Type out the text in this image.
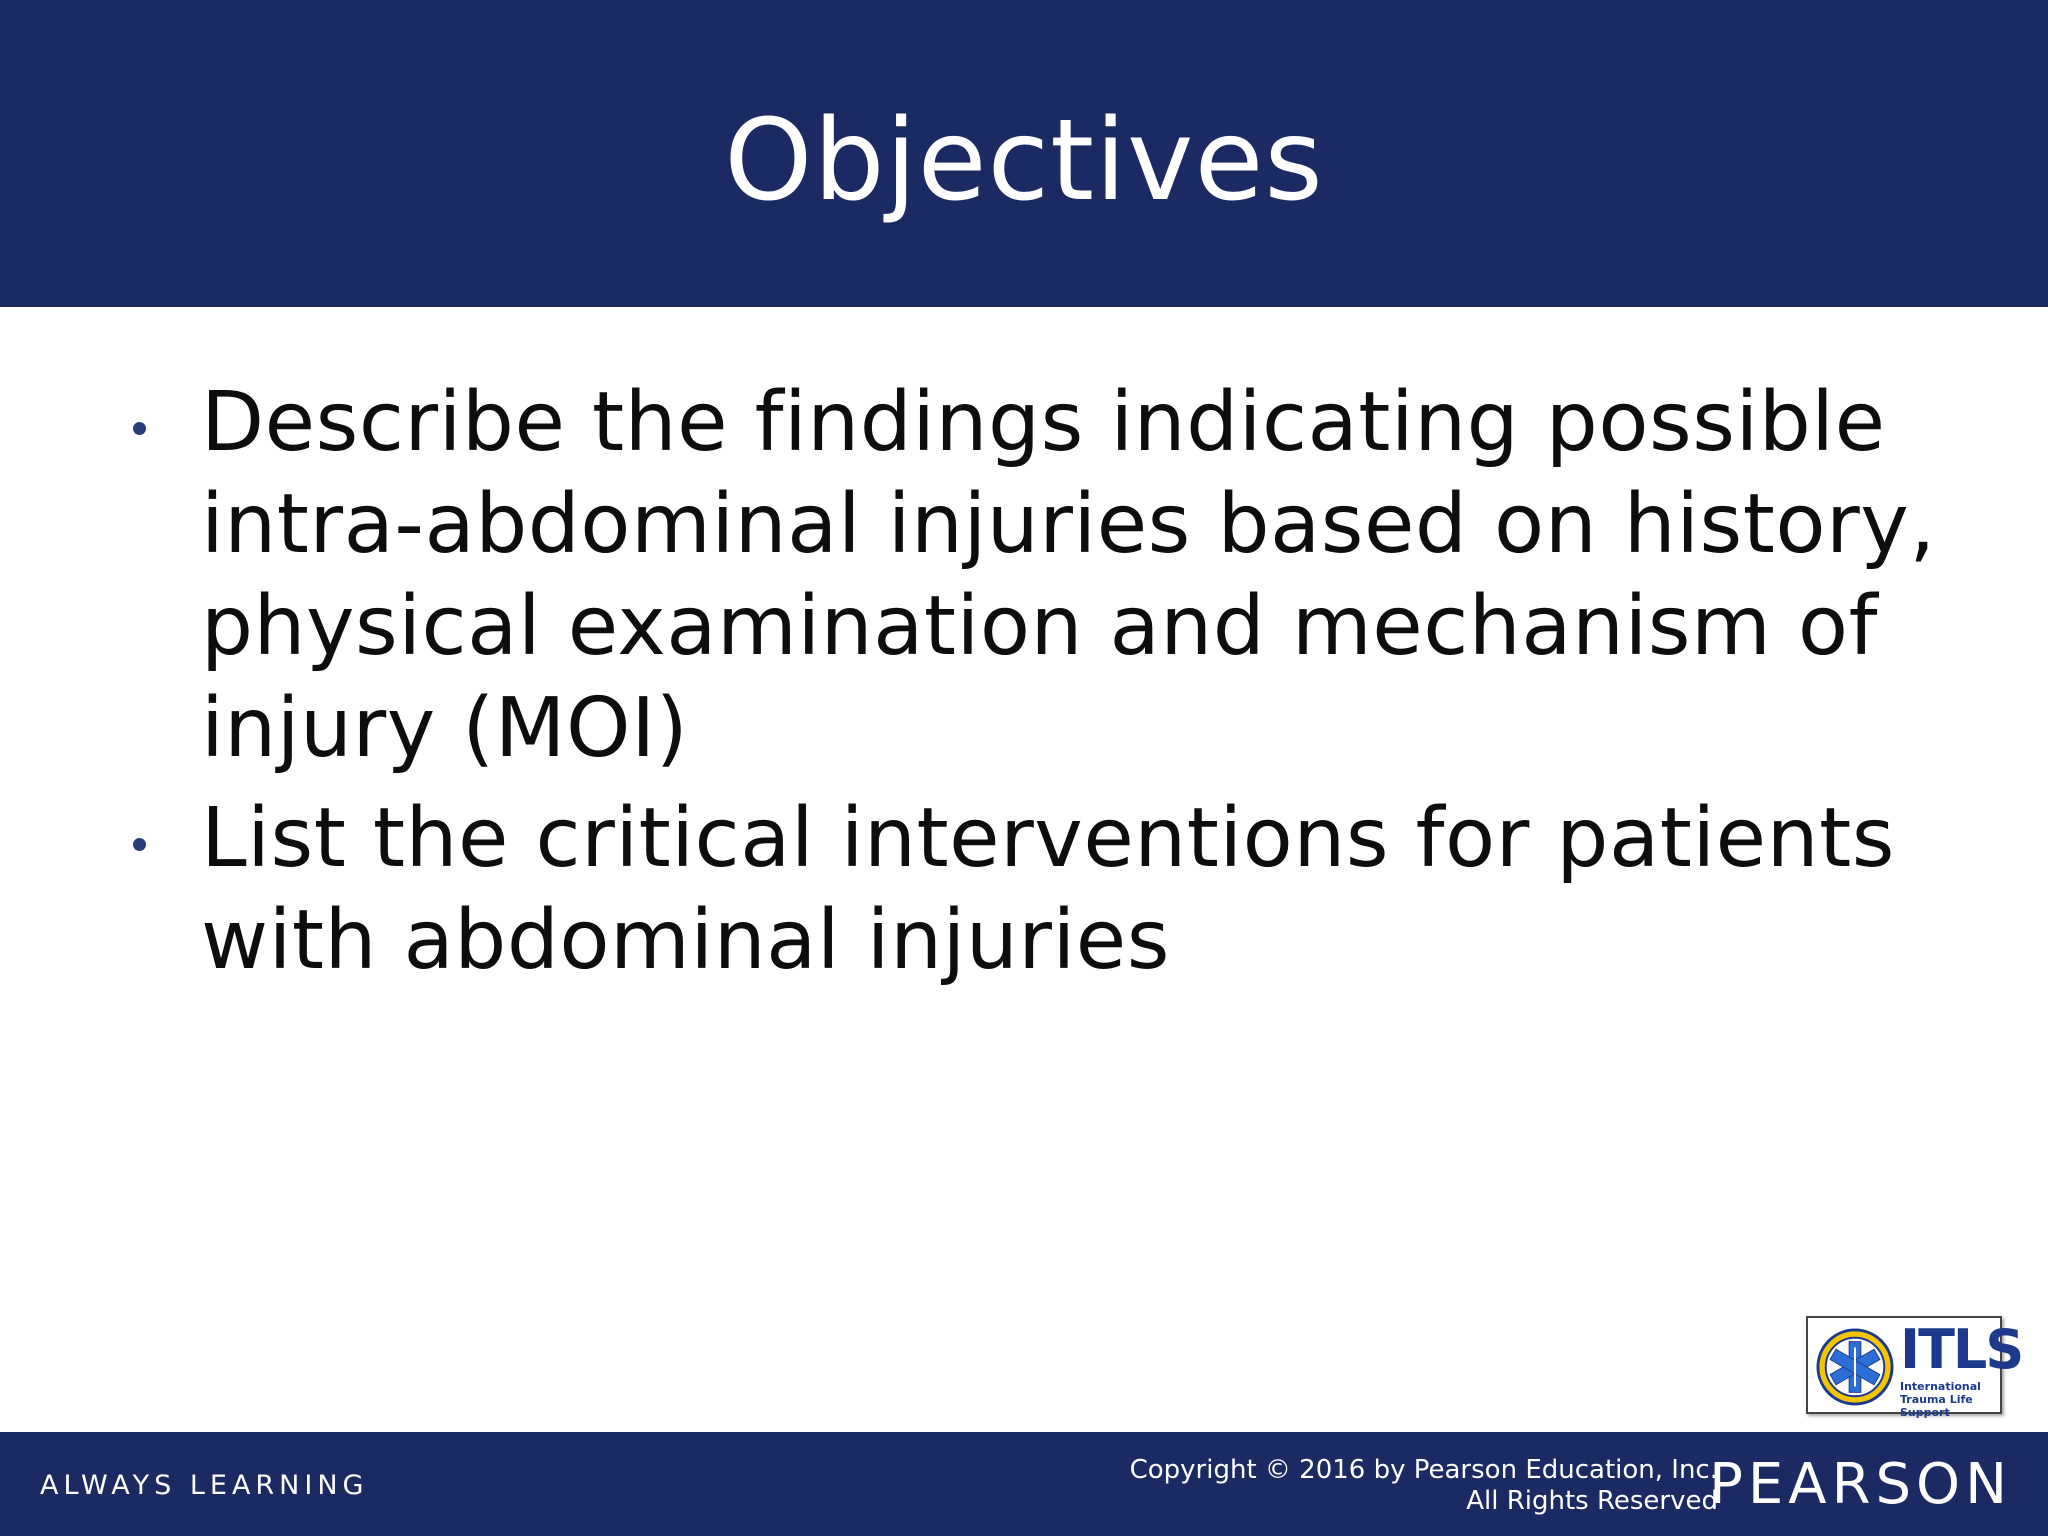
Objectives
Describe the findings indicating possible intra-abdominal injuries based on history, physical examination and mechanism of injury (MOI)
List the critical interventions for patients with abdominal injuries
ITLS
International Trauma Life Support
ALWAYS LEARNING	Copyright © 2016 by Pearson Education, Inc.
All Rights Reserved
PEARSON
